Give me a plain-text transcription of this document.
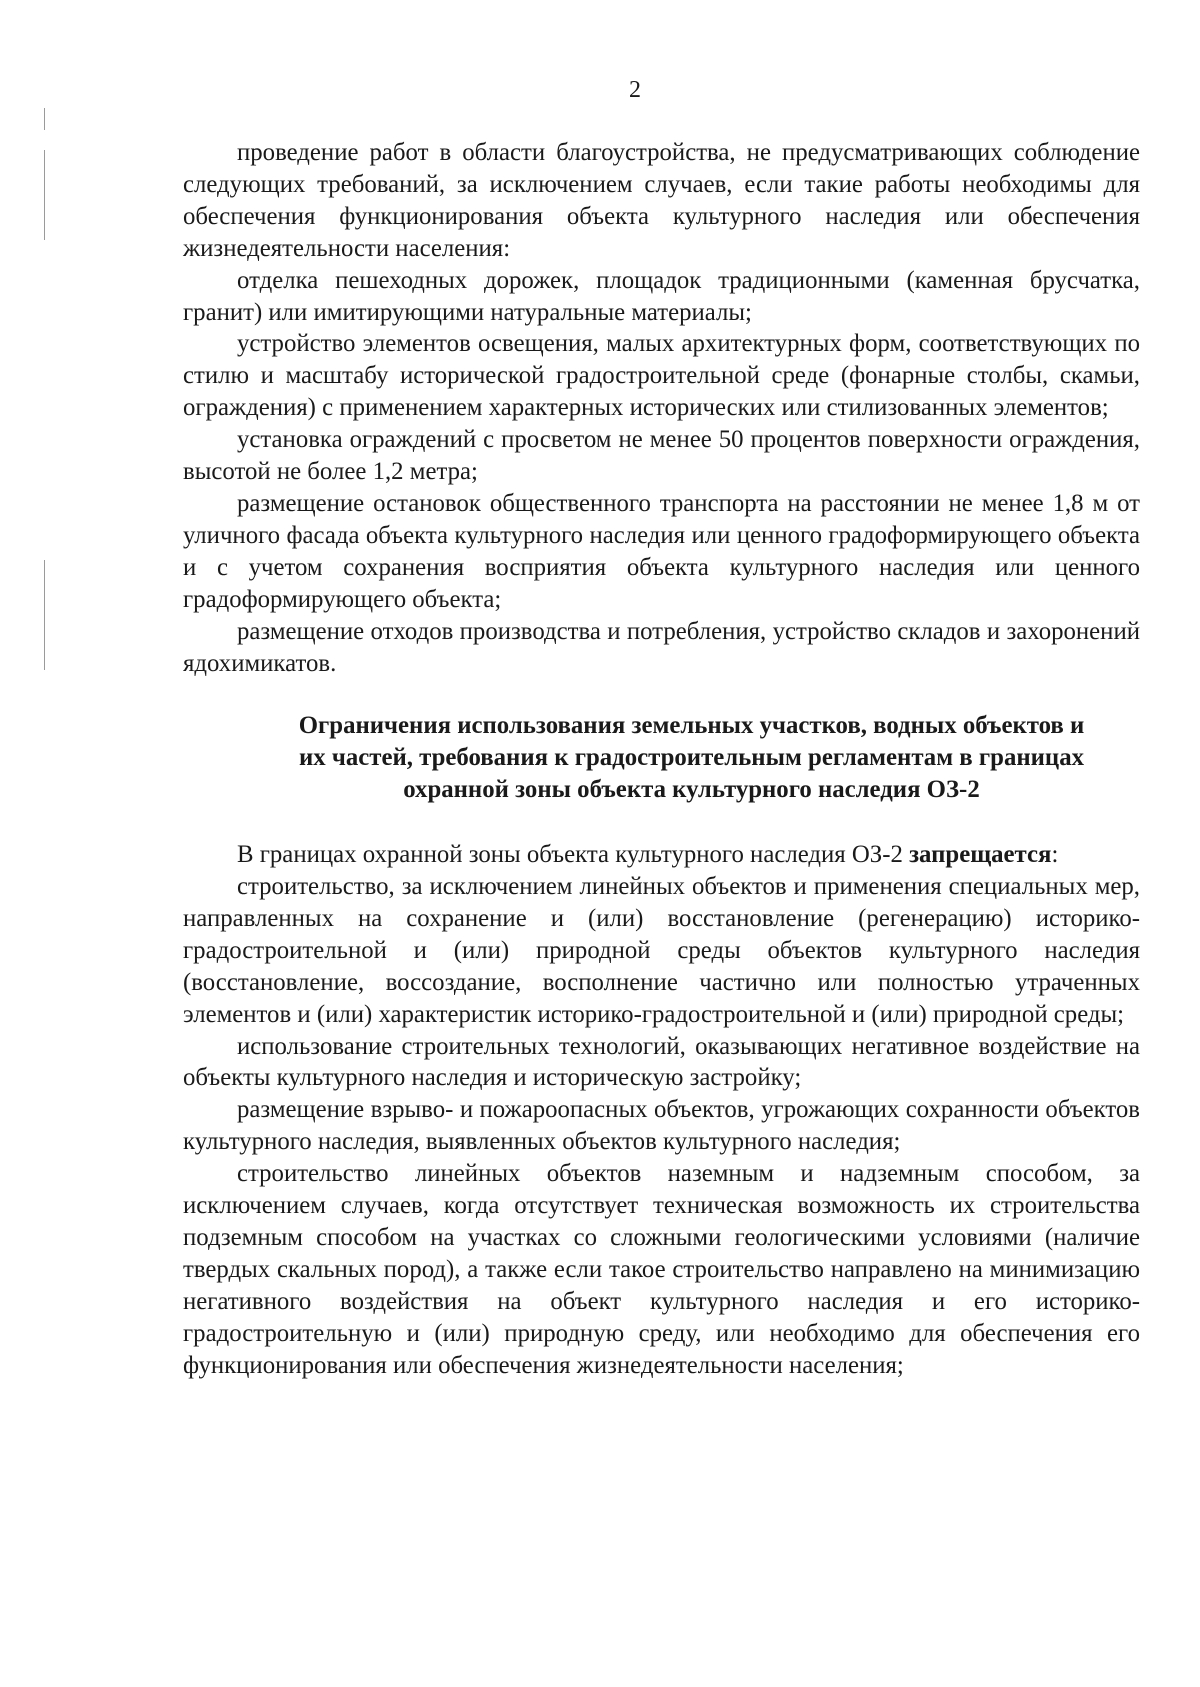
2

проведение работ в области благоустройства, не предусматривающих соблюдение следующих требований, за исключением случаев, если такие работы необходимы для обеспечения функционирования объекта культурного наследия или обеспечения жизнедеятельности населения:

отделка пешеходных дорожек, площадок традиционными (каменная брусчатка, гранит) или имитирующими натуральные материалы;

устройство элементов освещения, малых архитектурных форм, соответствующих по стилю и масштабу исторической градостроительной среде (фонарные столбы, скамьи, ограждения) с применением характерных исторических или стилизованных элементов;

установка ограждений с просветом не менее 50 процентов поверхности ограждения, высотой не более 1,2 метра;

размещение остановок общественного транспорта на расстоянии не менее 1,8 м от уличного фасада объекта культурного наследия или ценного градоформирующего объекта и с учетом сохранения восприятия объекта культурного наследия или ценного градоформирующего объекта;

размещение отходов производства и потребления, устройство складов и захоронений ядохимикатов.

Ограничения использования земельных участков, водных объектов и
их частей, требования к градостроительным регламентам в границах
охранной зоны объекта культурного наследия ОЗ-2

В границах охранной зоны объекта культурного наследия ОЗ-2 запрещается:

строительство, за исключением линейных объектов и применения специальных мер, направленных на сохранение и (или) восстановление (регенерацию) историко-градостроительной и (или) природной среды объектов культурного наследия (восстановление, воссоздание, восполнение частично или полностью утраченных элементов и (или) характеристик историко-градостроительной и (или) природной среды;

использование строительных технологий, оказывающих негативное воздействие на объекты культурного наследия и историческую застройку;

размещение взрыво- и пожароопасных объектов, угрожающих сохранности объектов культурного наследия, выявленных объектов культурного наследия;

строительство линейных объектов наземным и надземным способом, за исключением случаев, когда отсутствует техническая возможность их строительства подземным способом на участках со сложными геологическими условиями (наличие твердых скальных пород), а также если такое строительство направлено на минимизацию негативного воздействия на объект культурного наследия и его историко-градостроительную и (или) природную среду, или необходимо для обеспечения его функционирования или обеспечения жизнедеятельности населения;
